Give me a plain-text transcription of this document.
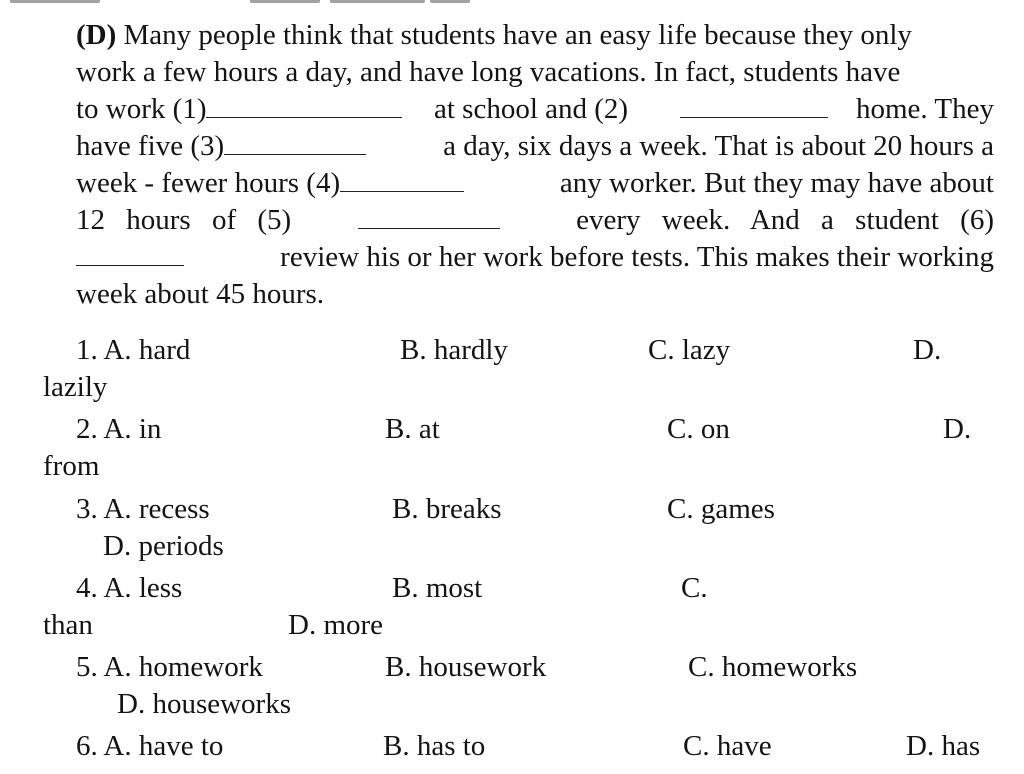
(D) Many people think that students have an easy life because they only
work a few hours a day, and have long vacations. In fact, students have
to work (1)	at school and (2)	home. They
have five (3)	a day, six days a week. That is about 20 hours a
week - fewer hours (4)	any worker. But they may have about
12 hours of (5)	every week. And a student (6)
review his or her work before tests. This makes their working
week about 45 hours.
1. A. hard	B. hardly	C. lazy	D.
lazily
2. A. in	B. at	C. on	D.
from
3. A. recess	B. breaks	C. games
D. periods
4. A. less	B. most	C.
than	D. more
5. A. homework	B. housework	C. homeworks
D. houseworks
6. A. have to	B. has to	C. have	D. has
